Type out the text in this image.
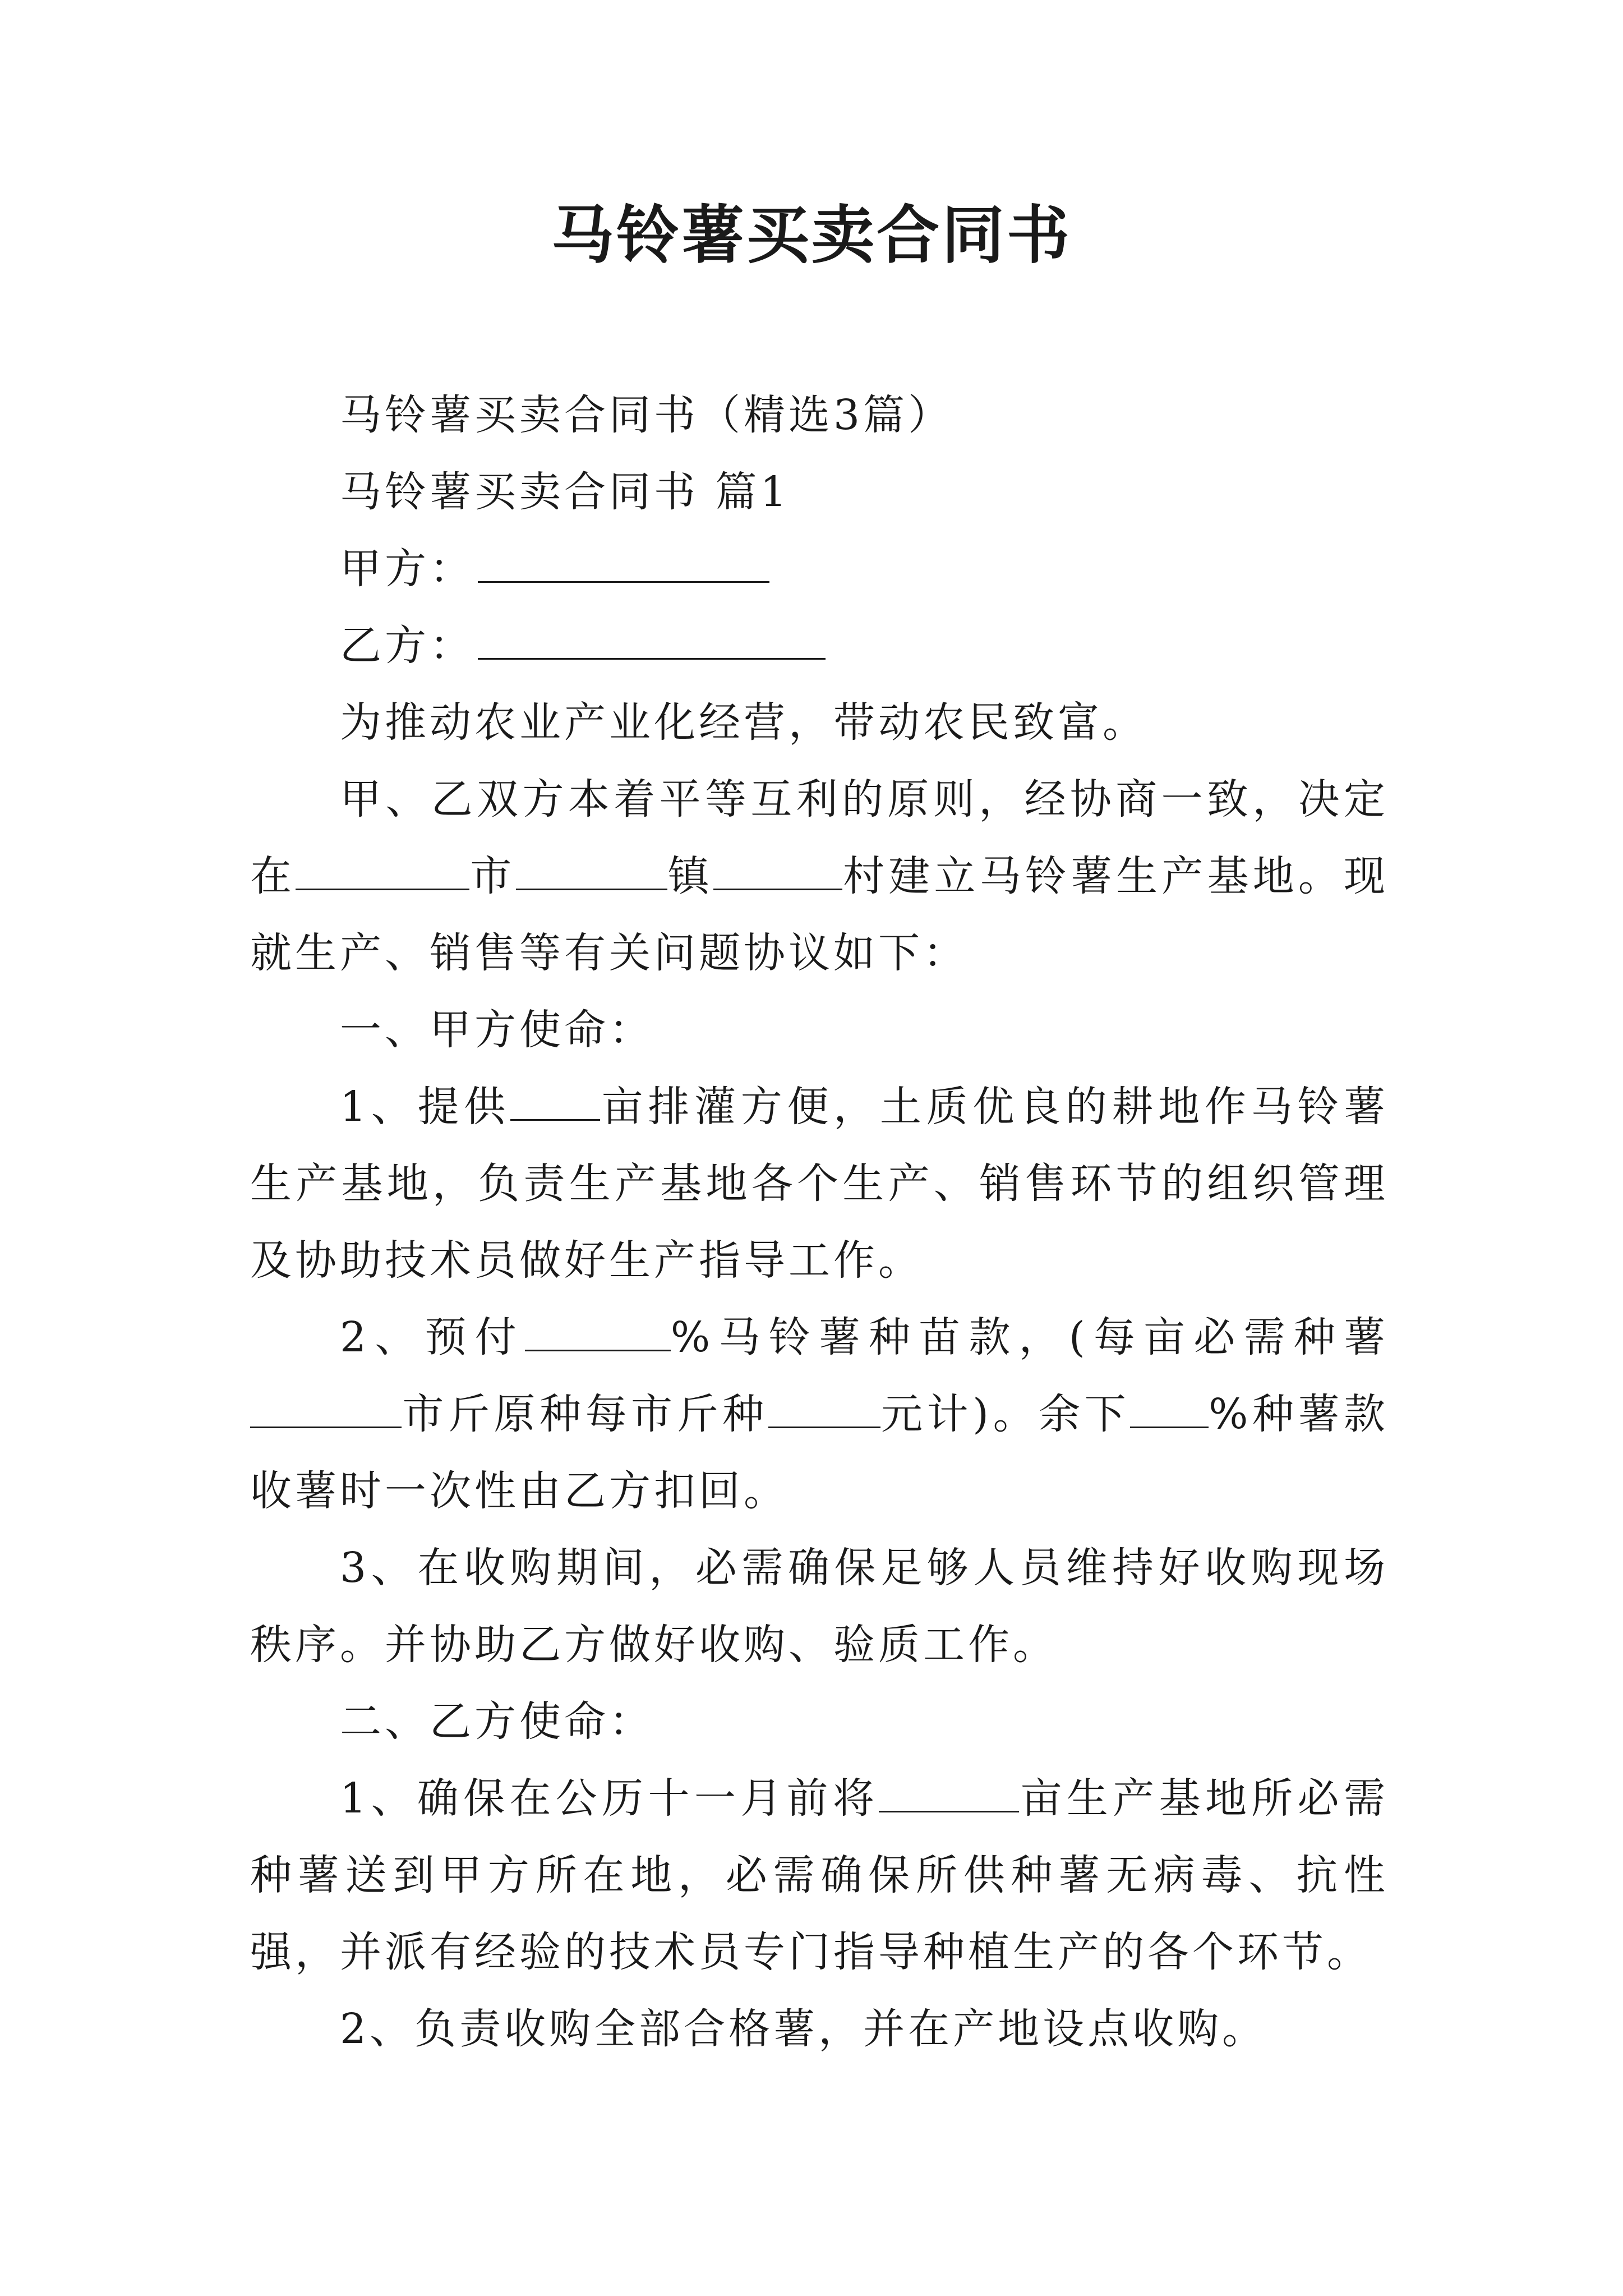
马铃薯买卖合同书

马铃薯买卖合同书（精选3篇）

马铃薯买卖合同书 篇1

甲方：

乙方：

为推动农业产业化经营，带动农民致富。

甲、乙双方本着平等互利的原则，经协商一致，决定在	市	镇	村建立马铃薯生产基地。现就生产、销售等有关问题协议如下：

一、甲方使命：

1、提供 亩排灌方便，土质优良的耕地作马铃薯生产基地，负责生产基地各个生产、销售环节的组织管理及协助技术员做好生产指导工作。

2、预付	%马铃薯种苗款，(每亩必需种薯市斤原种每市斤种	元计)。余下 %种薯款收薯时一次性由乙方扣回。

3、在收购期间，必需确保足够人员维持好收购现场秩序。并协助乙方做好收购、验质工作。

二、乙方使命：

1、确保在公历十一月前将	亩生产基地所必需种薯送到甲方所在地，必需确保所供种薯无病毒、抗性强，并派有经验的技术员专门指导种植生产的各个环节。

2、负责收购全部合格薯，并在产地设点收购。
